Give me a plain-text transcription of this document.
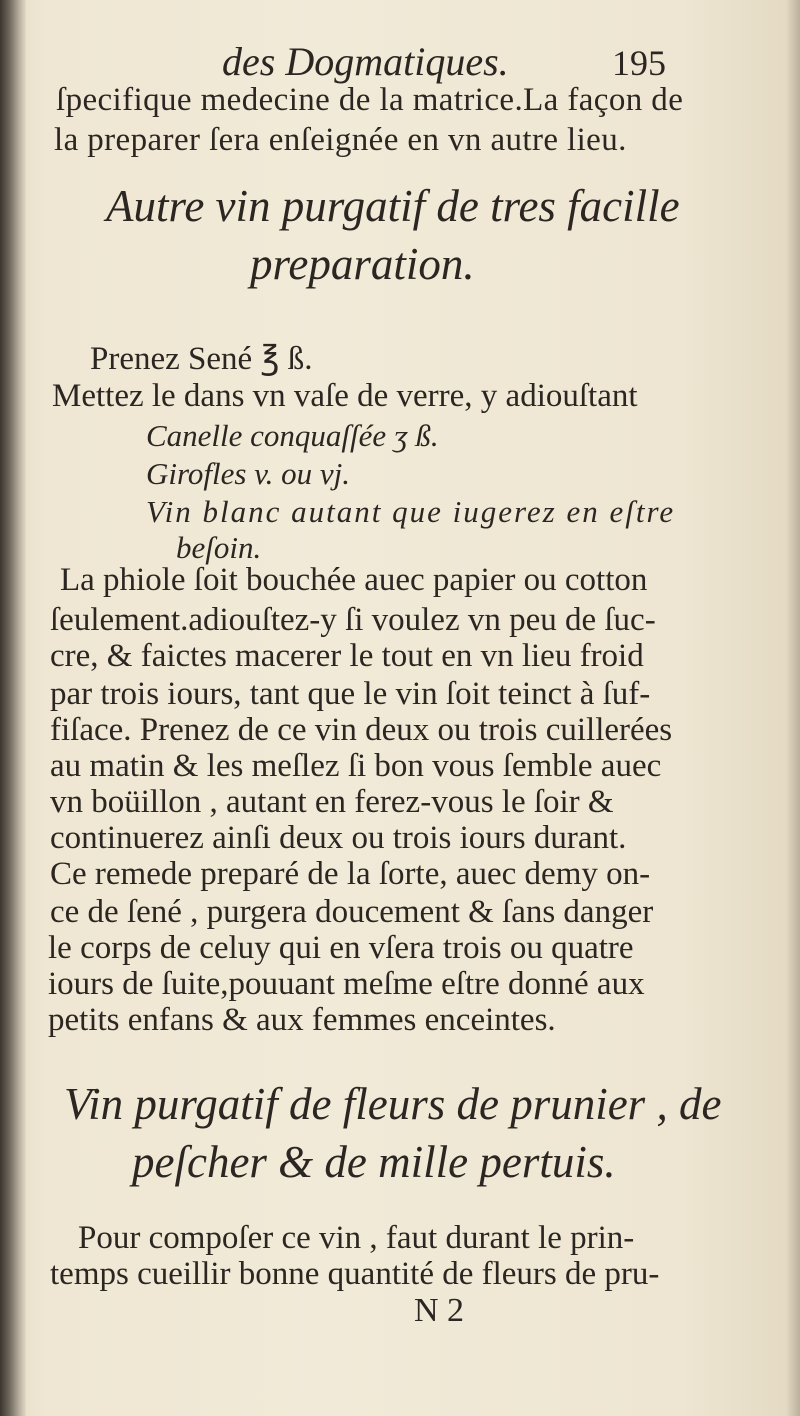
des Dogmatiques.	195
ſpecifique medecine de la matrice.La façon de
la preparer ſera enſeignée en vn autre lieu.
Autre vin purgatif de tres facille
preparation.
Prenez Sené ℥ ß.
Mettez le dans vn vaſe de verre, y adiouſtant
Canelle conquaſſée ʒ ß.
Girofles v. ou vj.
Vin blanc autant que iugerez en eſtre
beſoin.
La phiole ſoit bouchée auec papier ou cotton
ſeulement.adiouſtez-y ſi voulez vn peu de ſuc-
cre, & faictes macerer le tout en vn lieu froid
par trois iours, tant que le vin ſoit teinct à ſuf-
fiſace. Prenez de ce vin deux ou trois cuillerées
au matin & les meſlez ſi bon vous ſemble auec
vn boüillon , autant en ferez-vous le ſoir &
continuerez ainſi deux ou trois iours durant.
Ce remede preparé de la ſorte, auec demy on-
ce de ſené , purgera doucement & ſans danger
le corps de celuy qui en vſera trois ou quatre
iours de ſuite,pouuant meſme eſtre donné aux
petits enfans & aux femmes enceintes.
Vin purgatif de fleurs de prunier , de
peſcher & de mille pertuis.
Pour compoſer ce vin , faut durant le prin-
temps cueillir bonne quantité de fleurs de pru-
N 2
